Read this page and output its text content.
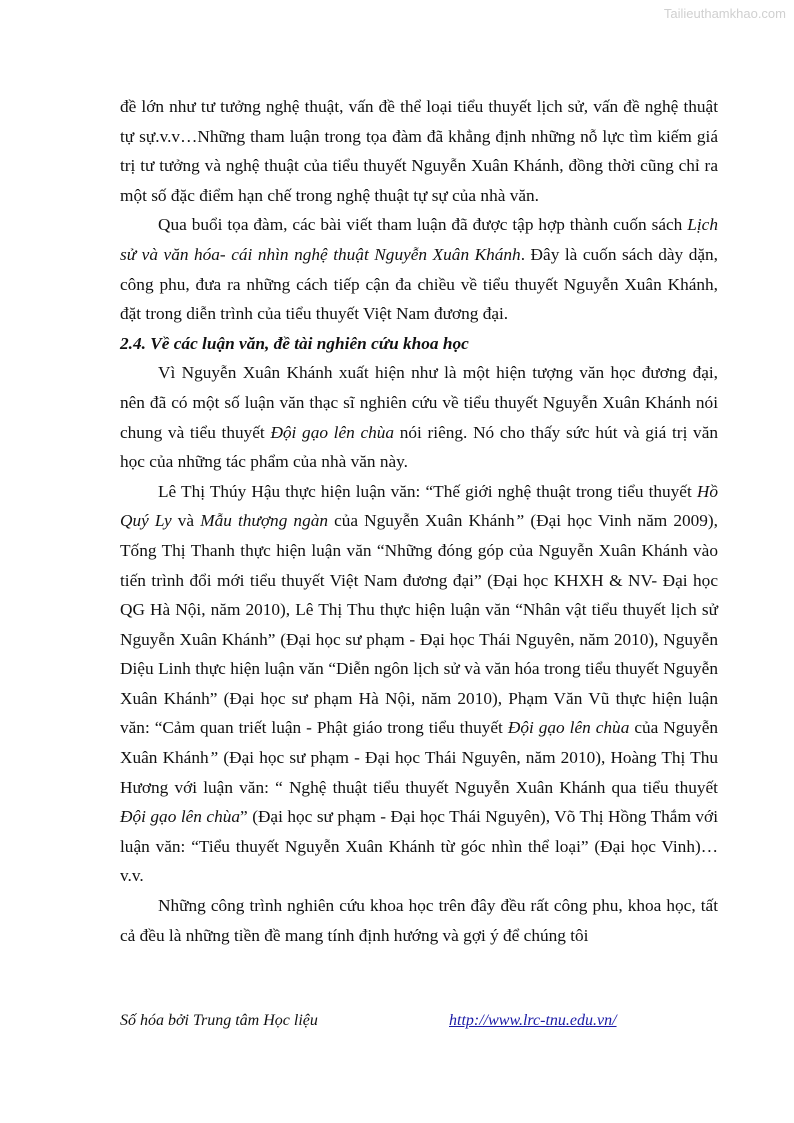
Tailieuthamkhao.com

đề lớn như tư tưởng nghệ thuật, vấn đề thể loại tiểu thuyết lịch sử, vấn đề nghệ thuật tự sự.v.v…Những tham luận trong tọa đàm đã khẳng định những nỗ lực tìm kiếm giá trị tư tưởng và nghệ thuật của tiểu thuyết Nguyễn Xuân Khánh, đồng thời cũng chỉ ra một số đặc điểm hạn chế trong nghệ thuật tự sự của nhà văn.

Qua buổi tọa đàm, các bài viết tham luận đã được tập hợp thành cuốn sách Lịch sử và văn hóa- cái nhìn nghệ thuật Nguyễn Xuân Khánh. Đây là cuốn sách dày dặn, công phu, đưa ra những cách tiếp cận đa chiều về tiểu thuyết Nguyễn Xuân Khánh, đặt trong diễn trình của tiểu thuyết Việt Nam đương đại.

2.4. Về các luận văn, đề tài nghiên cứu khoa học

Vì Nguyễn Xuân Khánh xuất hiện như là một hiện tượng văn học đương đại, nên đã có một số luận văn thạc sĩ nghiên cứu về tiểu thuyết Nguyễn Xuân Khánh nói chung và tiểu thuyết Đội gạo lên chùa nói riêng. Nó cho thấy sức hút và giá trị văn học của những tác phẩm của nhà văn này.

Lê Thị Thúy Hậu thực hiện luận văn: “Thế giới nghệ thuật trong tiểu thuyết Hồ Quý Ly và Mẫu thượng ngàn của Nguyễn Xuân Khánh” (Đại học Vinh năm 2009), Tống Thị Thanh thực hiện luận văn “Những đóng góp của Nguyễn Xuân Khánh vào tiến trình đổi mới tiểu thuyết Việt Nam đương đại” (Đại học KHXH & NV- Đại học QG Hà Nội, năm 2010), Lê Thị Thu thực hiện luận văn “Nhân vật tiểu thuyết lịch sử Nguyễn Xuân Khánh” (Đại học sư phạm - Đại học Thái Nguyên, năm 2010), Nguyễn Diệu Linh thực hiện luận văn “Diễn ngôn lịch sử và văn hóa trong tiểu thuyết Nguyễn Xuân Khánh” (Đại học sư phạm Hà Nội, năm 2010), Phạm Văn Vũ thực hiện luận văn: “Cảm quan triết luận - Phật giáo trong tiểu thuyết Đội gạo lên chùa của Nguyễn Xuân Khánh” (Đại học sư phạm - Đại học Thái Nguyên, năm 2010), Hoàng Thị Thu Hương với luận văn: “ Nghệ thuật tiểu thuyết Nguyễn Xuân Khánh qua tiểu thuyết Đội gạo lên chùa” (Đại học sư phạm - Đại học Thái Nguyên), Võ Thị Hồng Thắm với luận văn: “Tiểu thuyết Nguyễn Xuân Khánh từ góc nhìn thể loại” (Đại học Vinh)…v.v.

Những công trình nghiên cứu khoa học trên đây đều rất công phu, khoa học, tất cả đều là những tiền đề mang tính định hướng và gợi ý để chúng tôi

Số hóa bởi Trung tâm Học liệu	http://www.lrc-tnu.edu.vn/
